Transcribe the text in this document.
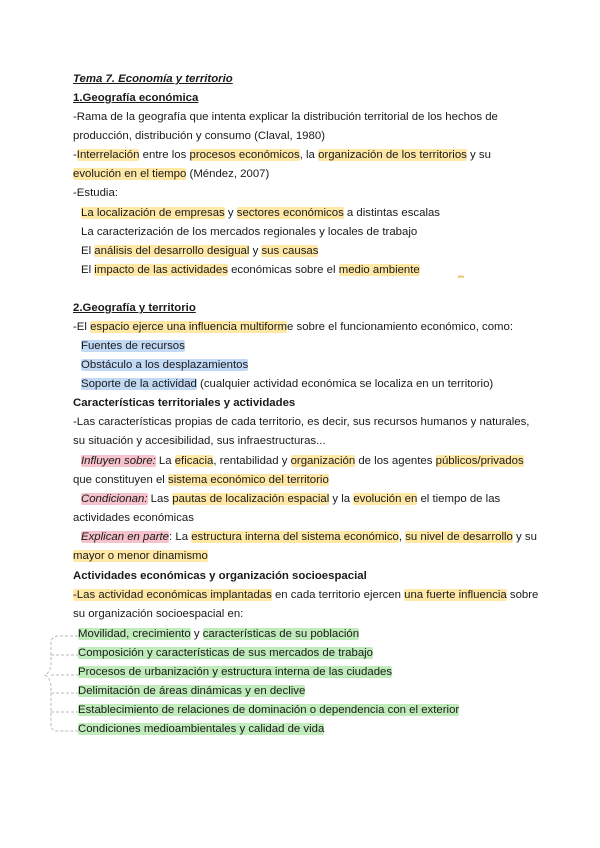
Tema 7. Economía y territorio
1.Geografía económica
-Rama de la geografía que intenta explicar la distribución territorial de los hechos de
producción, distribución y consumo (Claval, 1980)
-Interrelación entre los procesos económicos, la organización de los territorios y su
evolución en el tiempo (Méndez, 2007)
-Estudia:
La localización de empresas y sectores económicos a distintas escalas
La caracterización de los mercados regionales y locales de trabajo
El análisis del desarrollo desigual y sus causas
El impacto de las actividades económicas sobre el medio ambiente
2.Geografía y territorio
-El espacio ejerce una influencia multiforme sobre el funcionamiento económico, como:
Fuentes de recursos
Obstáculo a los desplazamientos
Soporte de la actividad (cualquier actividad económica se localiza en un territorio)
Características territoriales y actividades
-Las características propias de cada territorio, es decir, sus recursos humanos y naturales,
su situación y accesibilidad, sus infraestructuras...
Influyen sobre: La eficacia, rentabilidad y organización de los agentes públicos/privados
que constituyen el sistema económico del territorio
Condicionan: Las pautas de localización espacial y la evolución en el tiempo de las
actividades económicas
Explican en parte: La estructura interna del sistema económico, su nivel de desarrollo y su
mayor o menor dinamismo
Actividades económicas y organización socioespacial
-Las actividad económicas implantadas en cada territorio ejercen una fuerte influencia sobre
su organización socioespacial en:
Movilidad, crecimiento y características de su población
Composición y características de sus mercados de trabajo
Procesos de urbanización y estructura interna de las ciudades
Delimitación de áreas dinámicas y en declive
Establecimiento de relaciones de dominación o dependencia con el exterior
Condiciones medioambientales y calidad de vida
